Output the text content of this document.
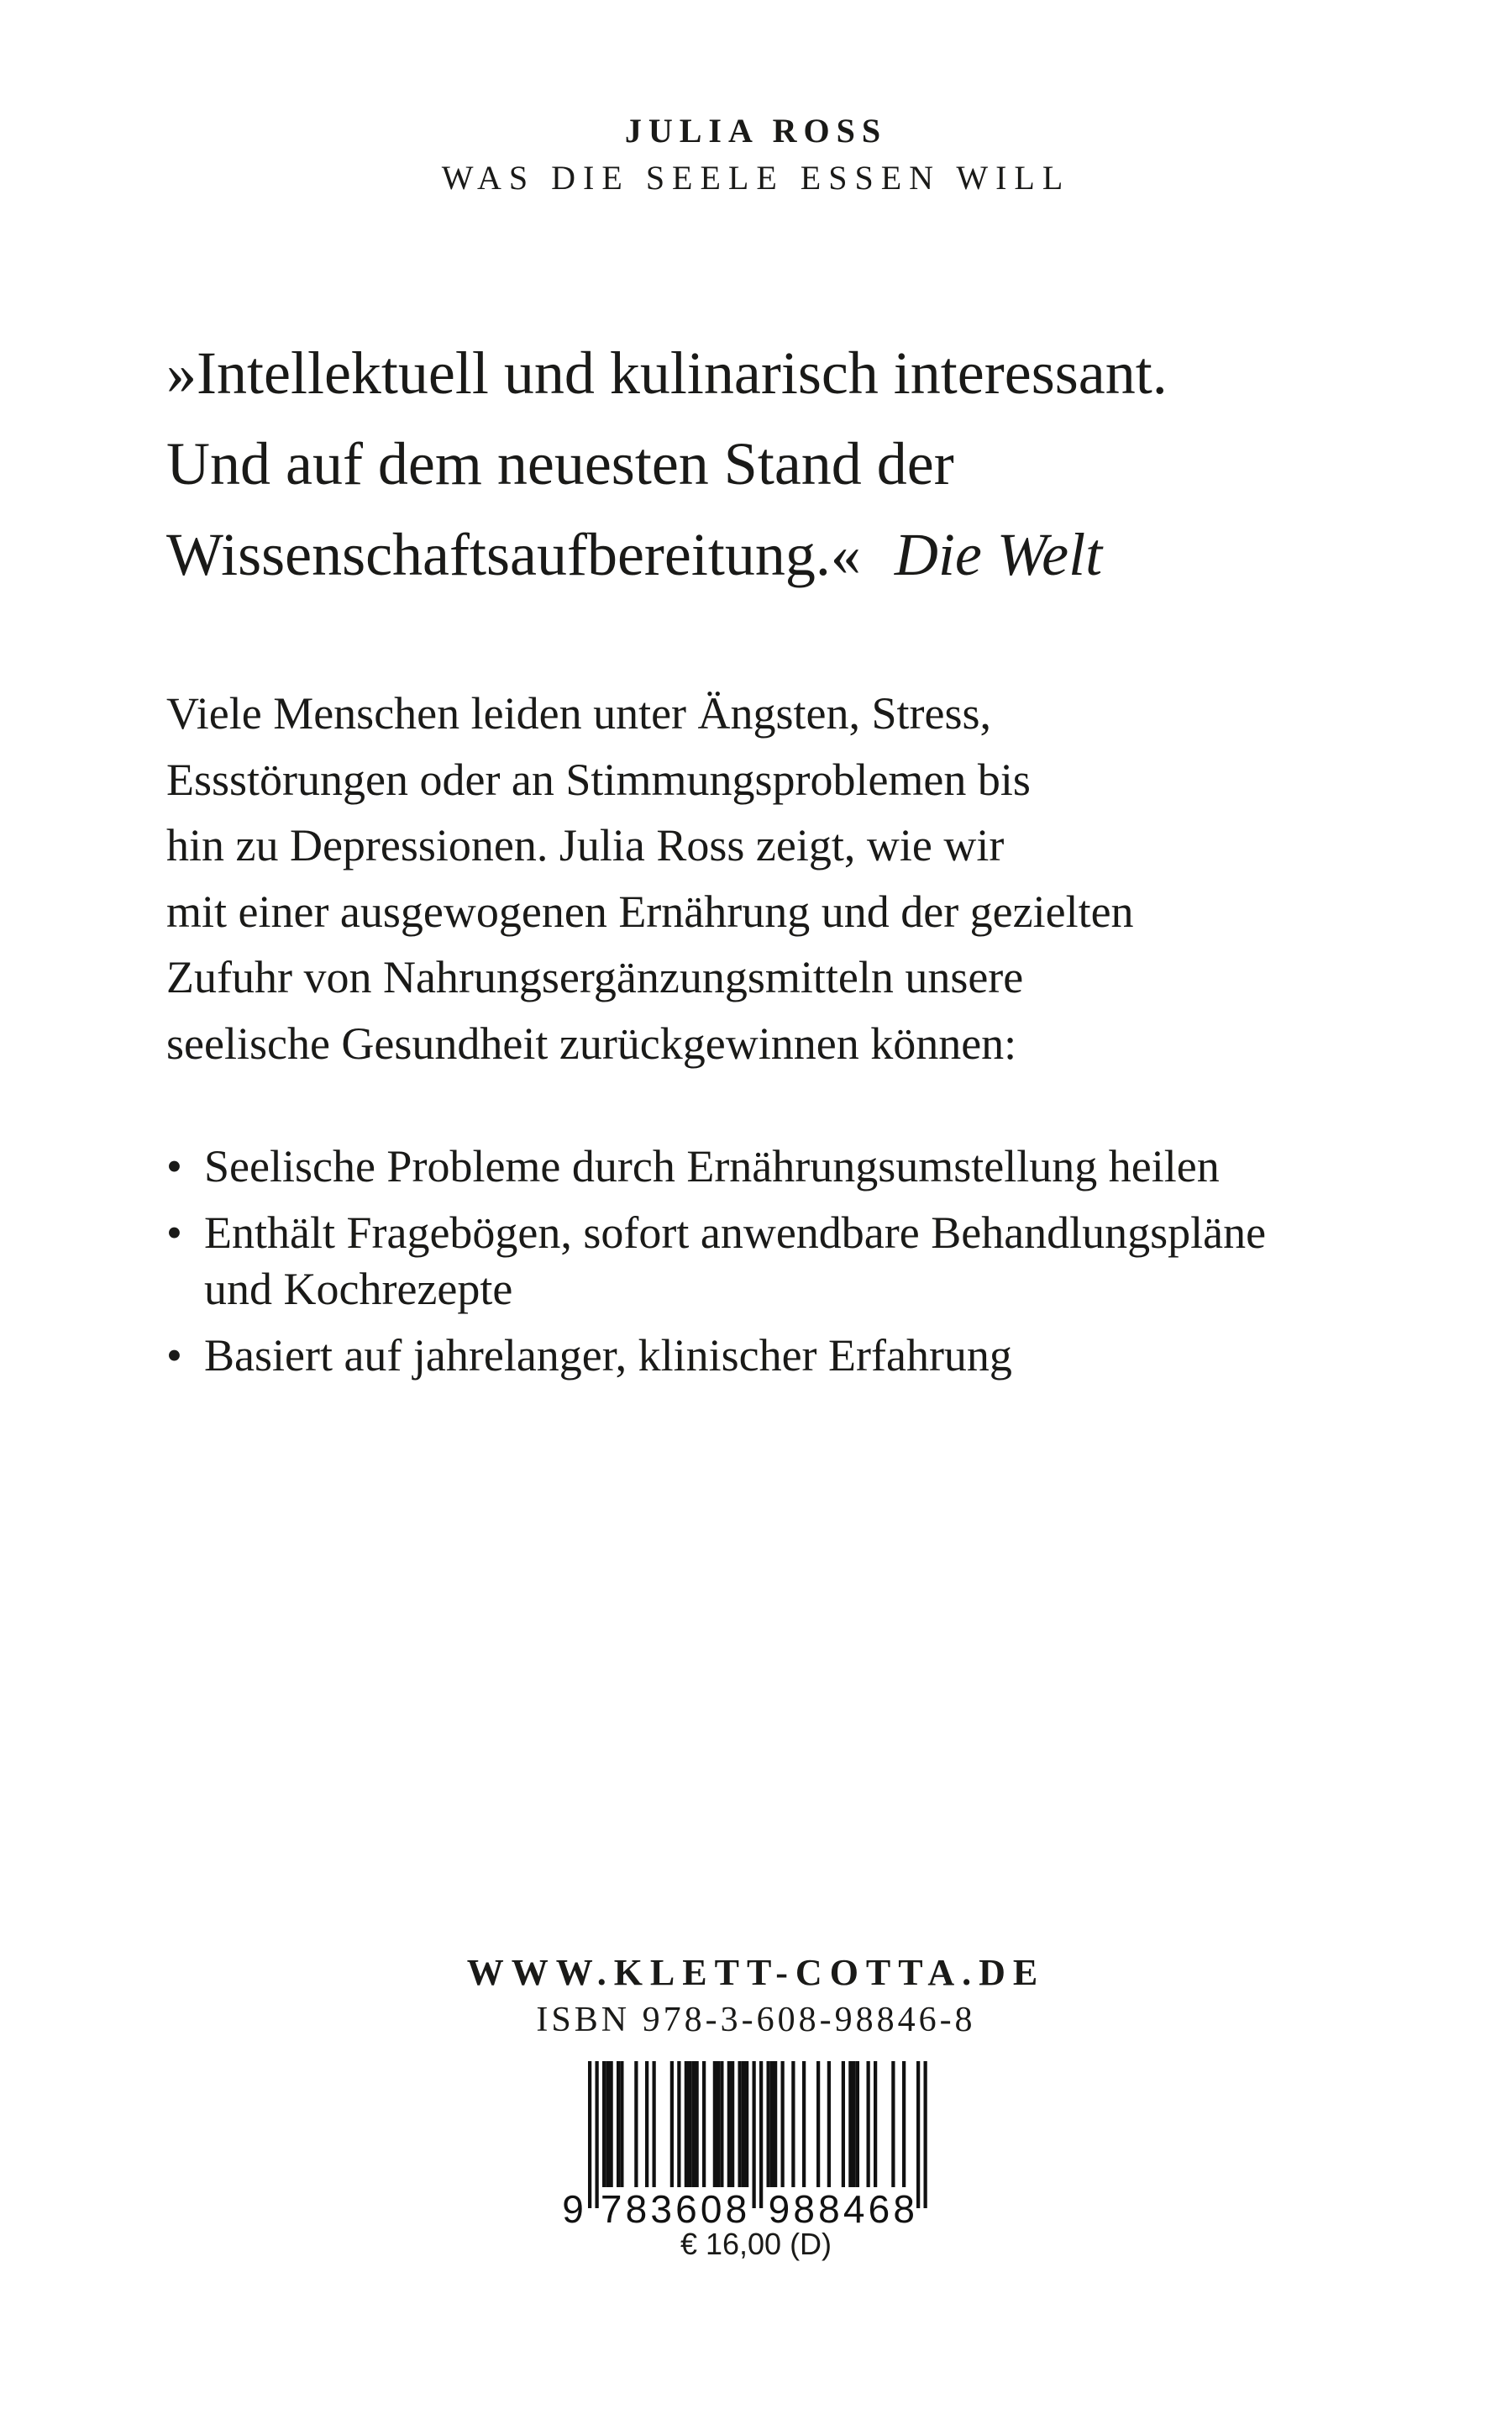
JULIA ROSS
WAS DIE SEELE ESSEN WILL
»Intellektuell und kulinarisch interessant.
Und auf dem neuesten Stand der
Wissenschaftsaufbereitung.« Die Welt
Viele Menschen leiden unter Ängsten, Stress,
Essstörungen oder an Stimmungsproblemen bis
hin zu Depressionen. Julia Ross zeigt, wie wir
mit einer ausgewogenen Ernährung und der gezielten
Zufuhr von Nahrungsergänzungsmitteln unsere
seelische Gesundheit zurückgewinnen können:
• Seelische Probleme durch Ernährungsumstellung heilen
• Enthält Fragebögen, sofort anwendbare Behandlungspläne und Kochrezepte
• Basiert auf jahrelanger, klinischer Erfahrung
WWW.KLETT-COTTA.DE
ISBN 978-3-608-98846-8
9 7 8 3 6 0 8 9 8 8 4 6 8
€ 16,00 (D)
